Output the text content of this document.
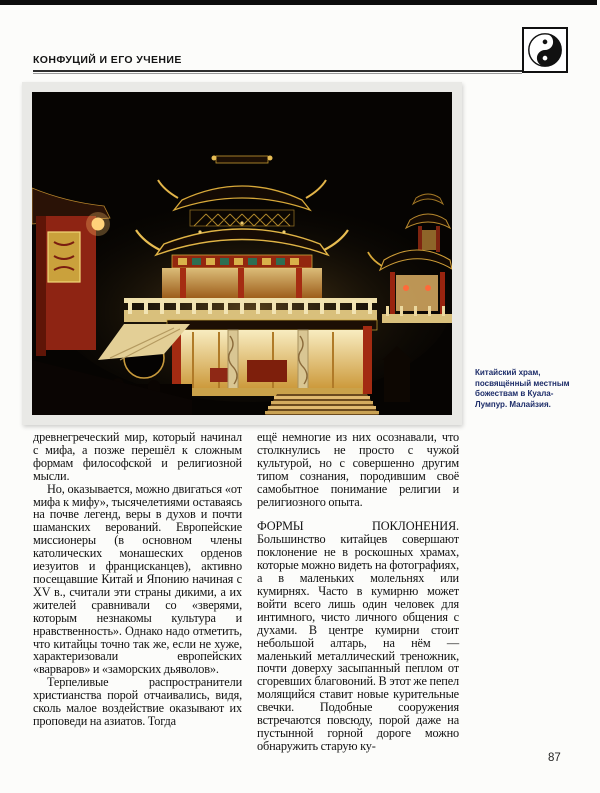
КОНФУЦИЙ И ЕГО УЧЕНИЕ
Китайский храм, посвящённый местным божествам в Куала-Лумпур. Малайзия.

древнегреческий мир, который начинал с мифа, а позже перешёл к сложным формам философской и религиозной мысли.

Но, оказывается, можно двигаться «от мифа к мифу», тысячелетиями оставаясь на почве легенд, веры в духов и почти шаманских верований. Европейские миссионеры (в основном члены католических монашеских орденов иезуитов и францисканцев), активно посещавшие Китай и Японию начиная с XV в., считали эти страны дикими, а их жителей сравнивали со «зверями, которым незнакомы культура и нравственность». Однако надо отметить, что китайцы точно так же, если не хуже, характеризовали европейских «варваров» и «заморских дьяволов».

Терпеливые распространители христианства порой отчаивались, видя, сколь малое воздействие оказывают их проповеди на азиатов. Тогда

ещё немногие из них осознавали, что столкнулись не просто с чужой культурой, но с совершенно другим типом сознания, породившим своё самобытное понимание религии и религиозного опыта.

ФОРМЫ ПОКЛОНЕНИЯ. Большинство китайцев совершают поклонение не в роскошных храмах, которые можно видеть на фотографиях, а в маленьких молельнях или кумирнях. Часто в кумирню может войти всего лишь один человек для интимного, чисто личного общения с духами. В центре кумирни стоит небольшой алтарь, на нём — маленький металлический треножник, почти доверху засыпанный пеплом от сгоревших благовоний. В этот же пепел молящийся ставит новые курительные свечки. Подобные сооружения встречаются повсюду, порой даже на пустынной горной дороге можно обнаружить старую ку-

87
